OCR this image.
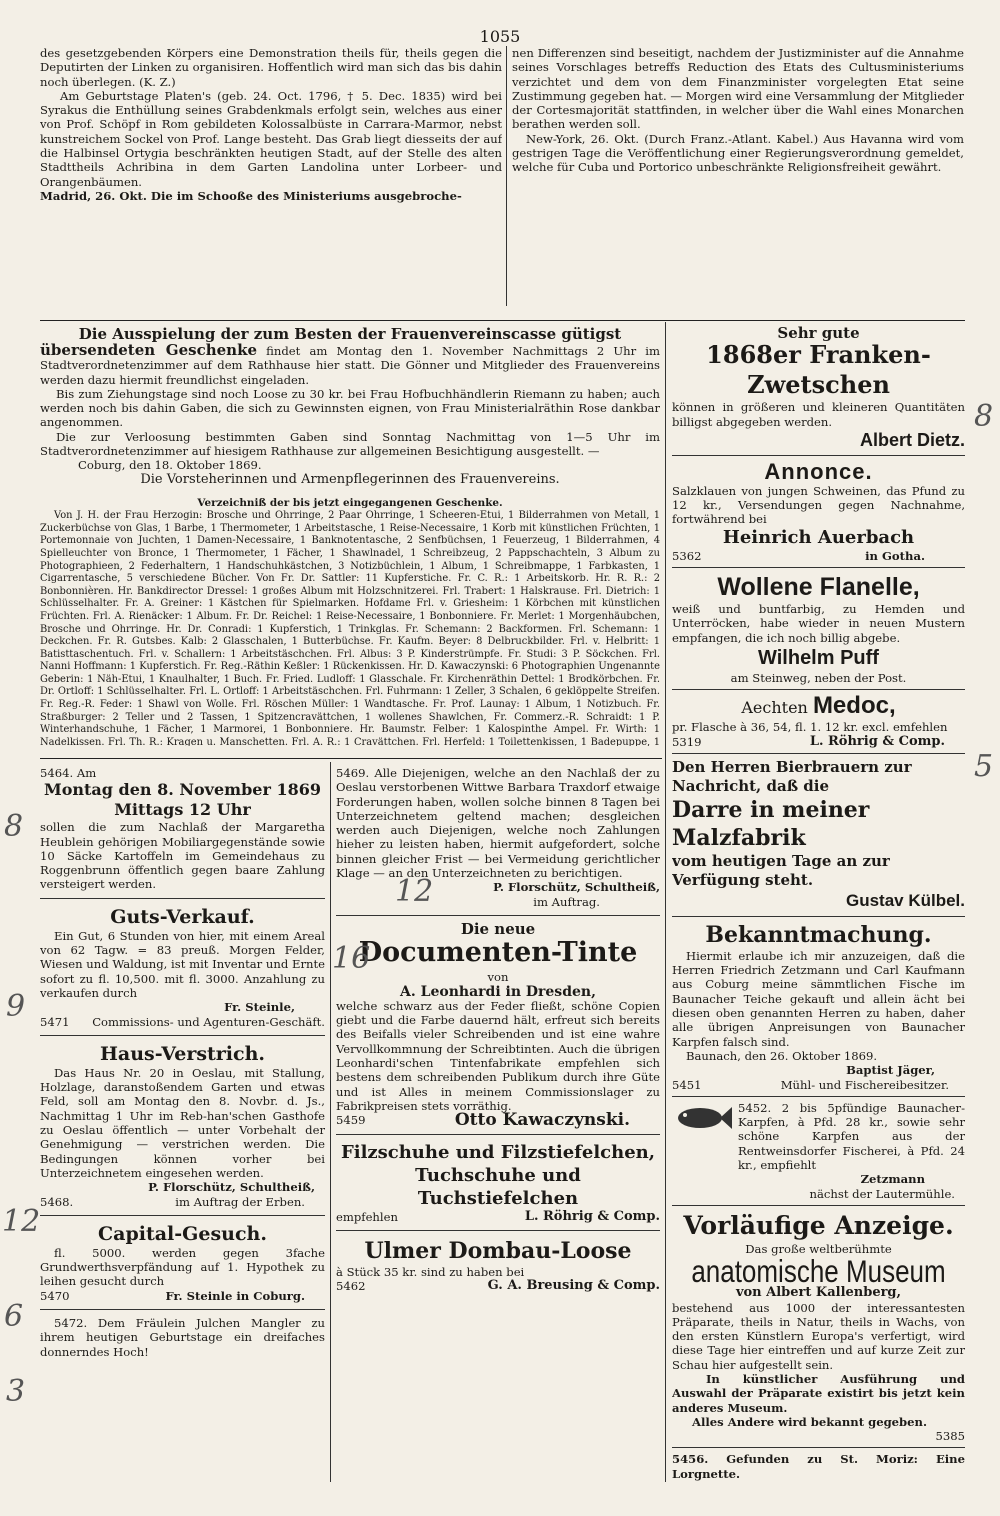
1055

des gesetzgebenden Körpers eine Demonstration theils für, theils gegen die Deputirten der Linken zu organisiren. Hoffentlich wird man sich das bis dahin noch überlegen. (K. Z.)

Am Geburtstage Platen's (geb. 24. Oct. 1796, † 5. Dec. 1835) wird bei Syrakus die Enthüllung seines Grabdenkmals erfolgt sein, welches aus einer von Prof. Schöpf in Rom gebildeten Kolossalbüste in Carrara-Marmor, nebst kunstreichem Sockel von Prof. Lange besteht. Das Grab liegt diesseits der auf die Halbinsel Ortygia beschränkten heutigen Stadt, auf der Stelle des alten Stadttheils Achribina in dem Garten Landolina unter Lorbeer- und Orangenbäumen.

Madrid, 26. Okt. Die im Schooße des Ministeriums ausgebroche-

nen Differenzen sind beseitigt, nachdem der Justizminister auf die Annahme seines Vorschlages betreffs Reduction des Etats des Cultusministeriums verzichtet und dem von dem Finanzminister vorgelegten Etat seine Zustimmung gegeben hat. — Morgen wird eine Versammlung der Mitglieder der Cortesmajorität stattfinden, in welcher über die Wahl eines Monarchen berathen werden soll.

New-York, 26. Okt. (Durch Franz.-Atlant. Kabel.) Aus Havanna wird vom gestrigen Tage die Veröffentlichung einer Regierungsverordnung gemeldet, welche für Cuba und Portorico unbeschränkte Religionsfreiheit gewährt.

Die Ausspielung der zum Besten der Frauenvereinscasse gütigst

übersendeten Geschenke findet am Montag den 1. November Nachmittags 2 Uhr im Stadtverordnetenzimmer auf dem Rathhause hier statt. Die Gönner und Mitglieder des Frauenvereins werden dazu hiermit freundlichst eingeladen.

Bis zum Ziehungstage sind noch Loose zu 30 kr. bei Frau Hofbuchhändlerin Riemann zu haben; auch werden noch bis dahin Gaben, die sich zu Gewinnsten eignen, von Frau Ministerialräthin Rose dankbar angenommen.

Die zur Verloosung bestimmten Gaben sind Sonntag Nachmittag von 1—5 Uhr im Stadtverordnetenzimmer auf hiesigem Rathhause zur allgemeinen Besichtigung ausgestellt. —

Coburg, den 18. Oktober 1869.

Die Vorsteherinnen und Armenpflegerinnen des Frauenvereins.
Verzeichniß der bis jetzt eingegangenen Geschenke.

Von J. H. der Frau Herzogin: Brosche und Ohrringe, 2 Paar Ohrringe, 1 Scheeren-Etui, 1 Bilderrahmen von Metall, 1 Zuckerbüchse von Glas, 1 Barbe, 1 Thermometer, 1 Arbeitstasche, 1 Reise-Necessaire, 1 Korb mit künstlichen Früchten, 1 Portemonnaie von Juchten, 1 Damen-Necessaire, 1 Banknotentasche, 2 Senfbüchsen, 1 Feuerzeug, 1 Bilderrahmen, 4 Spielleuchter von Bronce, 1 Thermometer, 1 Fächer, 1 Shawlnadel, 1 Schreibzeug, 2 Pappschachteln, 3 Album zu Photographieen, 2 Federhaltern, 1 Handschuhkästchen, 3 Notizbüchlein, 1 Album, 1 Schreibmappe, 1 Farbkasten, 1 Cigarrentasche, 5 verschiedene Bücher. Von Fr. Dr. Sattler: 11 Kupferstiche. Fr. C. R.: 1 Arbeitskorb. Hr. R. R.: 2 Bonbonnièren. Hr. Bankdirector Dressel: 1 großes Album mit Holzschnitzerei. Frl. Trabert: 1 Halskrause. Frl. Dietrich: 1 Schlüsselhalter. Fr. A. Greiner: 1 Kästchen für Spielmarken. Hofdame Frl. v. Griesheim: 1 Körbchen mit künstlichen Früchten. Frl. A. Rienäcker: 1 Album. Fr. Dr. Reichel: 1 Reise-Necessaire, 1 Bonbonniere. Fr. Merlet: 1 Morgenhäubchen, Brosche und Ohrringe. Hr. Dr. Conradi: 1 Kupferstich, 1 Trinkglas. Fr. Schemann: 2 Backformen. Frl. Schemann: 1 Deckchen. Fr. R. Gutsbes. Kalb: 2 Glasschalen, 1 Butterbüchse. Fr. Kaufm. Beyer: 8 Delbruckbilder. Frl. v. Helbritt: 1 Batisttaschentuch. Frl. v. Schallern: 1 Arbeitstäschchen. Frl. Albus: 3 P. Kinderstrümpfe. Fr. Studi: 3 P. Söckchen. Frl. Nanni Hoffmann: 1 Kupferstich. Fr. Reg.-Räthin Keßler: 1 Rückenkissen. Hr. D. Kawaczynski: 6 Photographien Ungenannte Geberin: 1 Näh-Etui, 1 Knaulhalter, 1 Buch. Fr. Fried. Ludloff: 1 Glasschale. Fr. Kirchenräthin Dettel: 1 Brodkörbchen. Fr. Dr. Ortloff: 1 Schlüsselhalter. Frl. L. Ortloff: 1 Arbeitstäschchen. Frl. Fuhrmann: 1 Zeller, 3 Schalen, 6 geklöppelte Streifen. Fr. Reg.-R. Feder: 1 Shawl von Wolle. Frl. Röschen Müller: 1 Wandtasche. Fr. Prof. Launay: 1 Album, 1 Notizbuch. Fr. Straßburger: 2 Teller und 2 Tassen, 1 Spitzencravättchen, 1 wollenes Shawlchen, Fr. Commerz.-R. Schraidt: 1 P. Winterhandschuhe, 1 Fächer, 1 Marmorei, 1 Bonbonniere. Hr. Baumstr. Felber: 1 Kalospinthe Ampel. Fr. Wirth: 1 Nadelkissen. Frl. Th. R.: Kragen u. Manschetten. Frl. A. R.: 1 Cravättchen. Frl. Herfeld: 1 Toilettenkissen, 1 Badepuppe, 1

Sehr gute
1868er Franken-Zwetschen

können in größeren und kleineren Quantitäten billigst abgegeben werden.

Albert Dietz.
Annonce.

Salzklauen von jungen Schweinen, das Pfund zu 12 kr., Versendungen gegen Nachnahme, fortwährend bei

Heinrich Auerbach
5362	in Gotha.
Wollene Flanelle,

weiß und buntfarbig, zu Hemden und Unterröcken, habe wieder in neuen Mustern empfangen, die ich noch billig abgebe.

Wilhelm Puff
am Steinweg, neben der Post.
Aechten Medoc,

pr. Flasche à 36, 54, fl. 1. 12 kr. excl. emfehlen

5319	L. Röhrig & Comp.
Den Herren Bierbrauern zur
Nachricht, daß die
Darre in meiner Malzfabrik
vom heutigen Tage an zur Verfügung steht.
Gustav Külbel.
Bekanntmachung.

Hiermit erlaube ich mir anzuzeigen, daß die Herren Friedrich Zetzmann und Carl Kaufmann aus Coburg meine sämmtlichen Fische im Baunacher Teiche gekauft und allein ächt bei diesen oben genannten Herren zu haben, daher alle übrigen Anpreisungen von Baunacher Karpfen falsch sind.

Baunach, den 26. Oktober 1869.
Baptist Jäger,
5451	Mühl- und Fischereibesitzer.

5452. 2 bis 5pfündige Baunacher-Karpfen, à Pfd. 28 kr., sowie sehr schöne Karpfen aus der Rentweinsdorfer Fischerei, à Pfd. 24 kr., empfiehlt

Zetzmann
nächst der Lautermühle.
Vorläufige Anzeige.
Das große weltberühmte
anatomische Museum
von Albert Kallenberg,

bestehend aus 1000 der interessantesten Präparate, theils in Natur, theils in Wachs, von den ersten Künstlern Europa's verfertigt, wird diese Tage hier eintreffen und auf kurze Zeit zur Schau hier aufgestellt sein.

In künstlicher Ausführung und Auswahl der Präparate existirt bis jetzt kein anderes Museum.

Alles Andere wird bekannt gegeben.

5385

5456. Gefunden zu St. Moriz: Eine Lorgnette.

5464. Am
Montag den 8. November 1869
Mittags 12 Uhr

sollen die zum Nachlaß der Margaretha Heublein gehörigen Mobiliargegenstände sowie 10 Säcke Kartoffeln im Gemeindehaus zu Roggenbrunn öffentlich gegen baare Zahlung versteigert werden.

Guts-Verkauf.

Ein Gut, 6 Stunden von hier, mit einem Areal von 62 Tagw. = 83 preuß. Morgen Felder, Wiesen und Waldung, ist mit Inventar und Ernte sofort zu fl. 10,500. mit fl. 3000. Anzahlung zu verkaufen durch

Fr. Steinle,
5471 Commissions- und Agenturen-Geschäft.
Haus-Verstrich.

Das Haus Nr. 20 in Oeslau, mit Stallung, Holzlage, daranstoßendem Garten und etwas Feld, soll am Montag den 8. Novbr. d. Js., Nachmittag 1 Uhr im Reb-han'schen Gasthofe zu Oeslau öffentlich — unter Vorbehalt der Genehmigung — verstrichen werden. Die Bedingungen können vorher bei Unterzeichnetem eingesehen werden.

P. Florschütz, Schultheiß,
5468.	im Auftrag der Erben.
Capital-Gesuch.

fl. 5000. werden gegen 3fache Grundwerthsverpfändung auf 1. Hypothek zu leihen gesucht durch

5470	Fr. Steinle in Coburg.

5472. Dem Fräulein Julchen Mangler zu ihrem heutigen Geburtstage ein dreifaches donnerndes Hoch!

5469. Alle Diejenigen, welche an den Nachlaß der zu Oeslau verstorbenen Wittwe Barbara Traxdorf etwaige Forderungen haben, wollen solche binnen 8 Tagen bei Unterzeichnetem geltend machen; desgleichen werden auch Diejenigen, welche noch Zahlungen hieher zu leisten haben, hiermit aufgefordert, solche binnen gleicher Frist — bei Vermeidung gerichtlicher Klage — an den Unterzeichneten zu berichtigen.

P. Florschütz, Schultheiß,
im Auftrag.
Die neue
Documenten-Tinte
von
A. Leonhardi in Dresden,

welche schwarz aus der Feder fließt, schöne Copien giebt und die Farbe dauernd hält, erfreut sich bereits des Beifalls vieler Schreibenden und ist eine wahre Vervollkommnung der Schreibtinten. Auch die übrigen Leonhardi'schen Tintenfabrikate empfehlen sich bestens dem schreibenden Publikum durch ihre Güte und ist Alles in meinem Commissionslager zu Fabrikpreisen stets vorräthig.

5459	Otto Kawaczynski.
Filzschuhe und Filzstiefelchen,
Tuchschuhe und Tuchstiefelchen
empfehlen	L. Röhrig & Comp.
Ulmer Dombau-Loose
à Stück 35 kr. sind zu haben bei
5462	G. A. Breusing & Comp.
8
9
12
6
3
12
16
8
5
